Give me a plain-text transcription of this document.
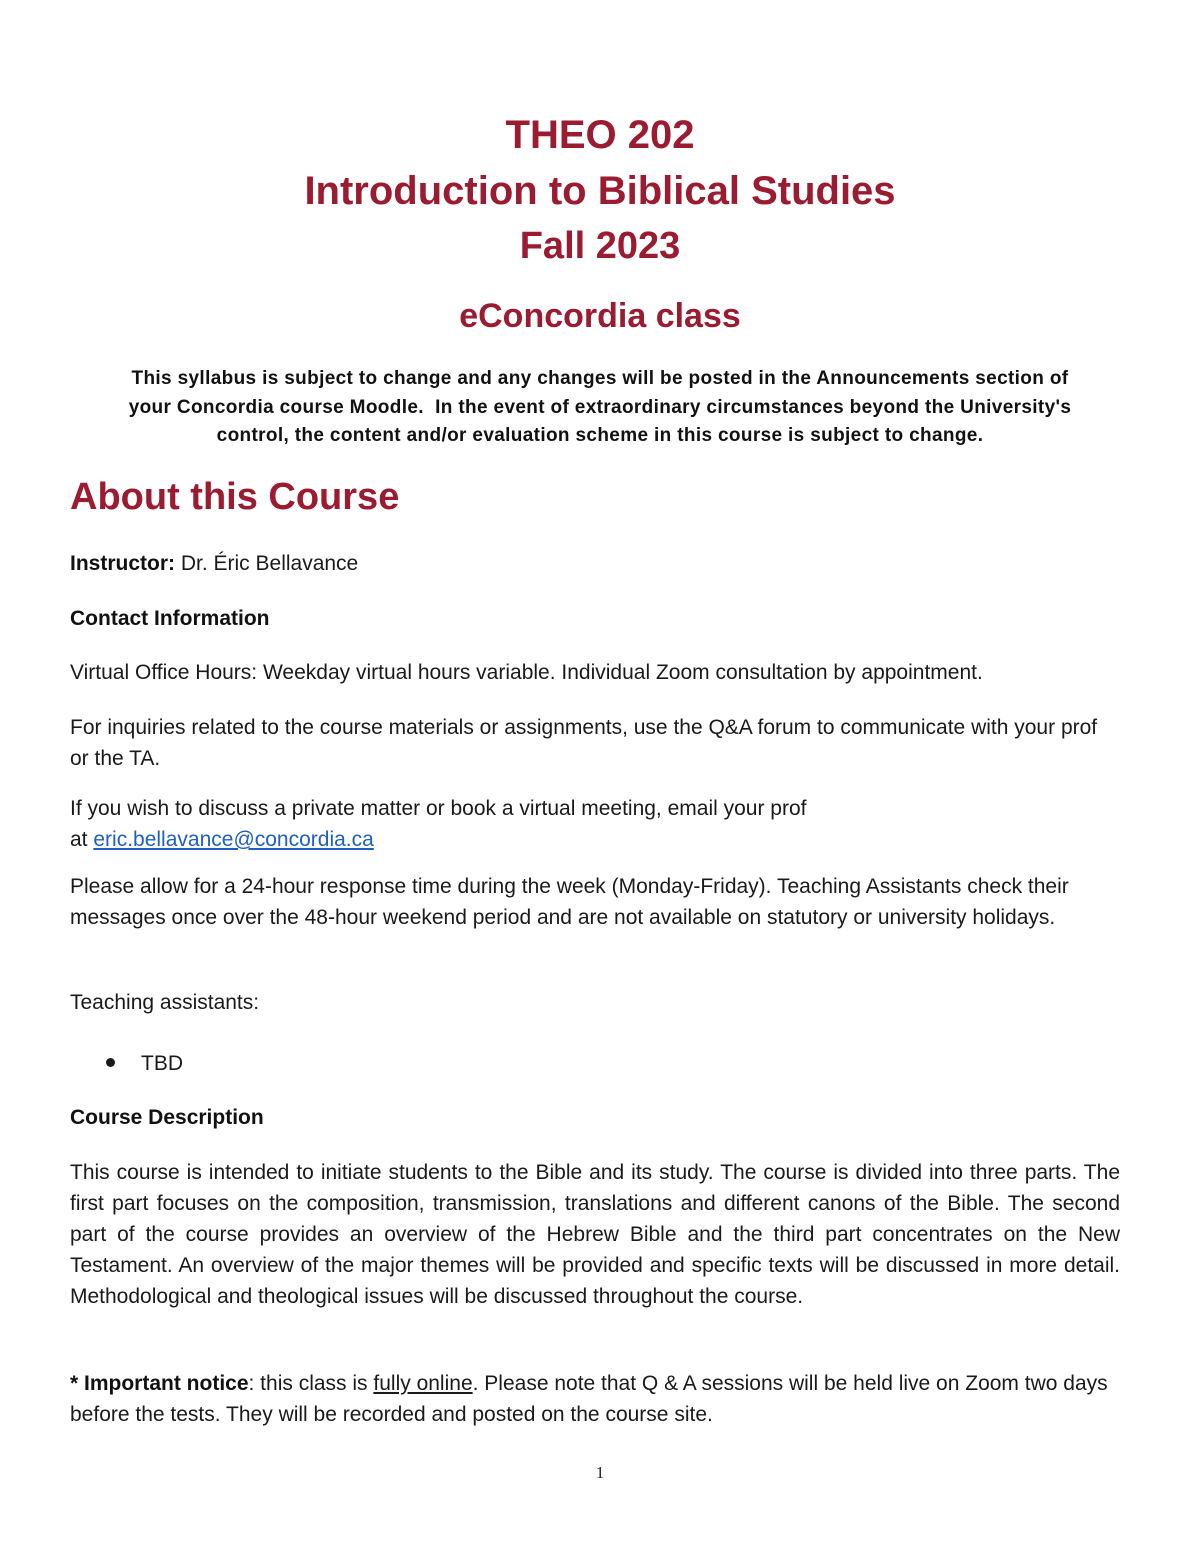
THEO 202
Introduction to Biblical Studies
Fall 2023
eConcordia class
This syllabus is subject to change and any changes will be posted in the Announcements section of
your Concordia course Moodle.  In the event of extraordinary circumstances beyond the University's
control, the content and/or evaluation scheme in this course is subject to change.
About this Course

Instructor: Dr. Éric Bellavance

Contact Information

Virtual Office Hours: Weekday virtual hours variable. Individual Zoom consultation by appointment.

For inquiries related to the course materials or assignments, use the Q&A forum to communicate with your prof or the TA.

If you wish to discuss a private matter or book a virtual meeting, email your prof
at eric.bellavance@concordia.ca

Please allow for a 24-hour response time during the week (Monday-Friday). Teaching Assistants check their messages once over the 48-hour weekend period and are not available on statutory or university holidays.

Teaching assistants:

TBD

Course Description

This course is intended to initiate students to the Bible and its study. The course is divided into three parts. The first part focuses on the composition, transmission, translations and different canons of the Bible. The second part of the course provides an overview of the Hebrew Bible and the third part concentrates on the New Testament. An overview of the major themes will be provided and specific texts will be discussed in more detail. Methodological and theological issues will be discussed throughout the course.

* Important notice: this class is fully online. Please note that Q & A sessions will be held live on Zoom two days before the tests. They will be recorded and posted on the course site.

1
